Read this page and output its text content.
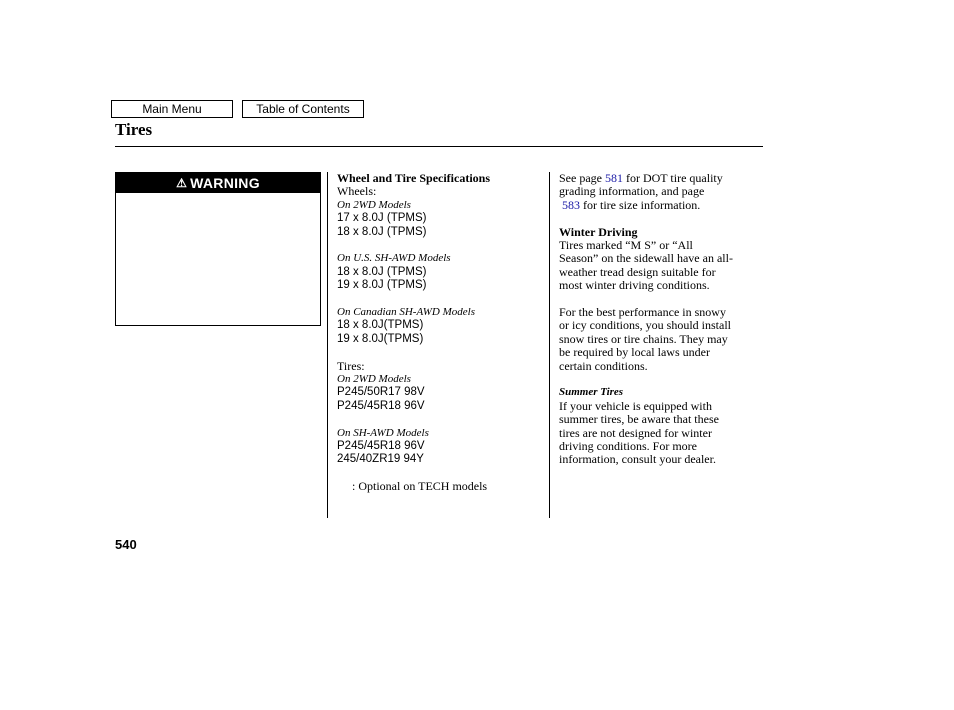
Main Menu	Table of Contents
Tires
⚠ WARNING	Wheel and Tire Specifications
Wheels:
On 2WD Models
17 x 8.0J (TPMS)
18 x 8.0J (TPMS)
On U.S. SH-AWD Models
18 x 8.0J (TPMS)
19 x 8.0J (TPMS)
On Canadian SH-AWD Models
18 x 8.0J(TPMS)
19 x 8.0J(TPMS)
Tires:
On 2WD Models
P245/50R17 98V
P245/45R18 96V
On SH-AWD Models
P245/45R18 96V
245/40ZR19 94Y
: Optional on TECH models
See page 581 for DOT tire quality
grading information, and page
583 for tire size information.
Winter Driving
Tires marked “M S” or “All
Season” on the sidewall have an all-
weather tread design suitable for
most winter driving conditions.
For the best performance in snowy
or icy conditions, you should install
snow tires or tire chains. They may
be required by local laws under
certain conditions.
Summer Tires
If your vehicle is equipped with
summer tires, be aware that these
tires are not designed for winter
driving conditions. For more
information, consult your dealer.
540
